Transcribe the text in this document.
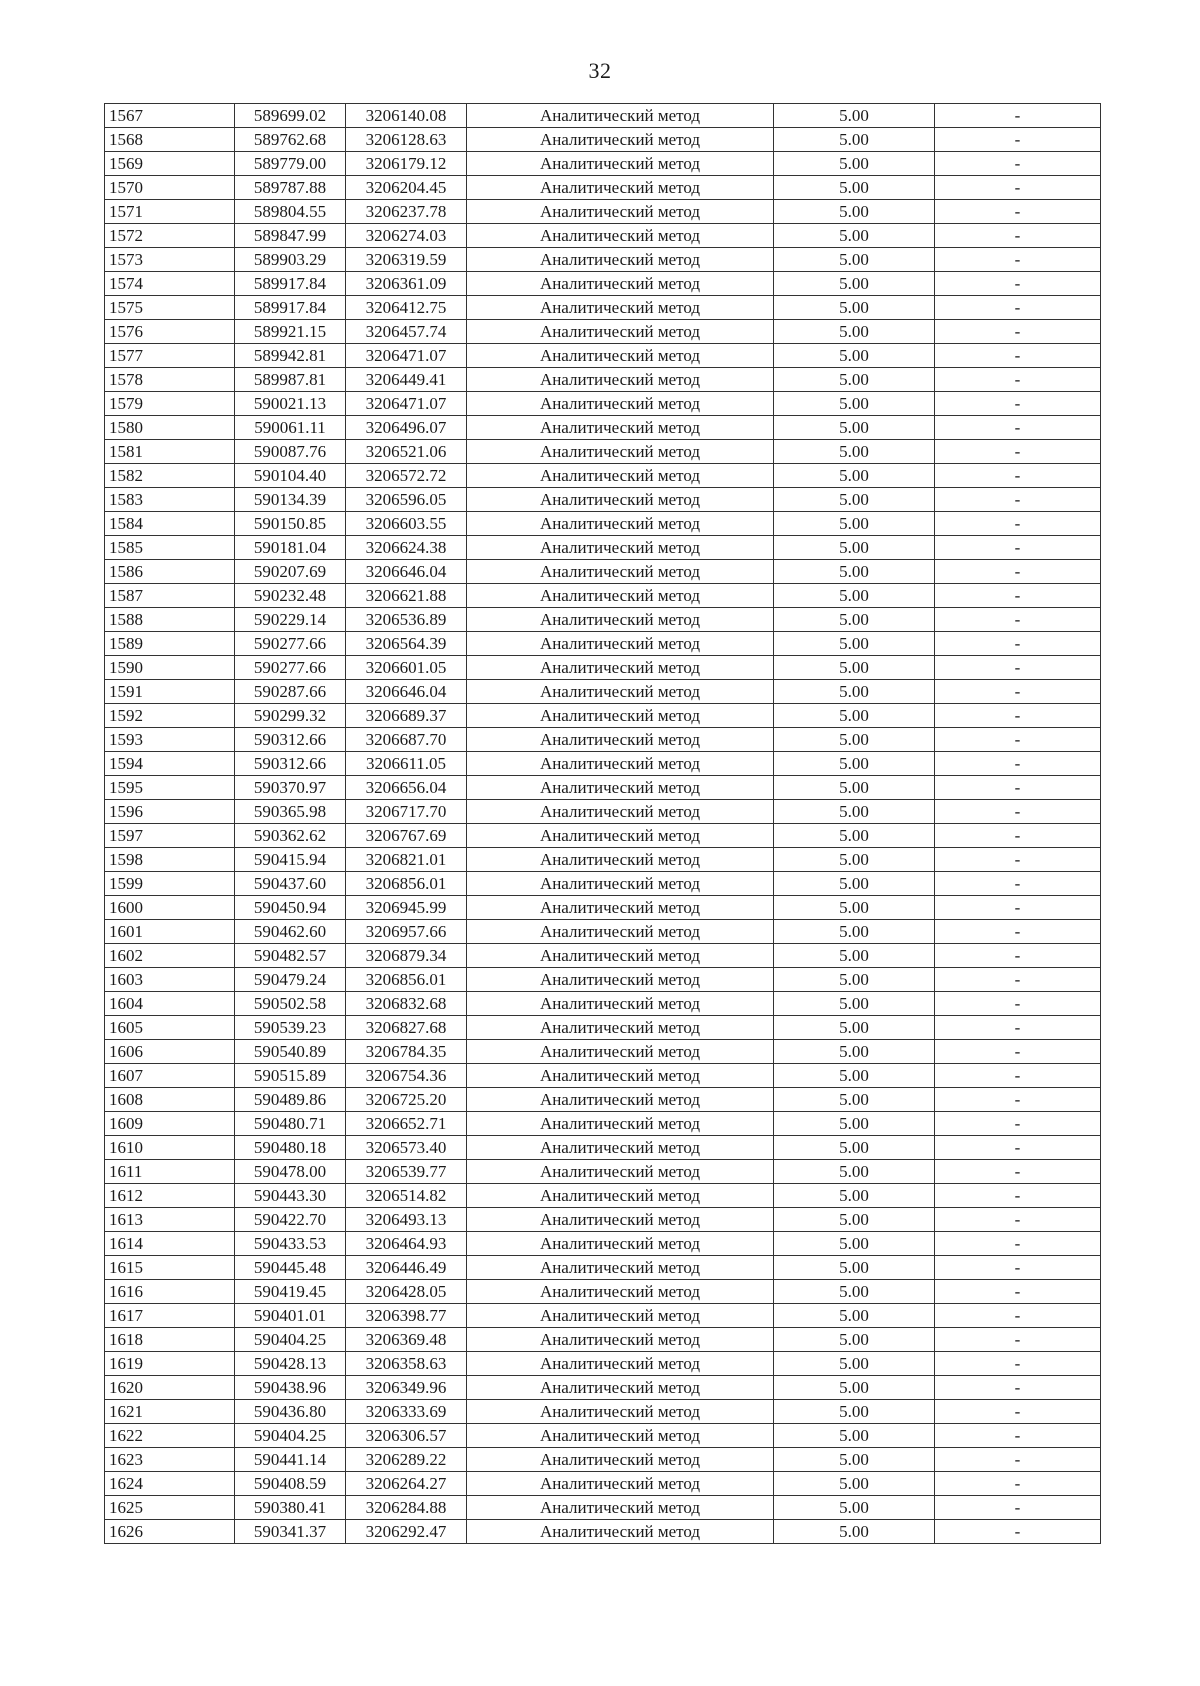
32
1567	589699.02	3206140.08	Аналитический метод	5.00	-
1568	589762.68	3206128.63	Аналитический метод	5.00	-
1569	589779.00	3206179.12	Аналитический метод	5.00	-
1570	589787.88	3206204.45	Аналитический метод	5.00	-
1571	589804.55	3206237.78	Аналитический метод	5.00	-
1572	589847.99	3206274.03	Аналитический метод	5.00	-
1573	589903.29	3206319.59	Аналитический метод	5.00	-
1574	589917.84	3206361.09	Аналитический метод	5.00	-
1575	589917.84	3206412.75	Аналитический метод	5.00	-
1576	589921.15	3206457.74	Аналитический метод	5.00	-
1577	589942.81	3206471.07	Аналитический метод	5.00	-
1578	589987.81	3206449.41	Аналитический метод	5.00	-
1579	590021.13	3206471.07	Аналитический метод	5.00	-
1580	590061.11	3206496.07	Аналитический метод	5.00	-
1581	590087.76	3206521.06	Аналитический метод	5.00	-
1582	590104.40	3206572.72	Аналитический метод	5.00	-
1583	590134.39	3206596.05	Аналитический метод	5.00	-
1584	590150.85	3206603.55	Аналитический метод	5.00	-
1585	590181.04	3206624.38	Аналитический метод	5.00	-
1586	590207.69	3206646.04	Аналитический метод	5.00	-
1587	590232.48	3206621.88	Аналитический метод	5.00	-
1588	590229.14	3206536.89	Аналитический метод	5.00	-
1589	590277.66	3206564.39	Аналитический метод	5.00	-
1590	590277.66	3206601.05	Аналитический метод	5.00	-
1591	590287.66	3206646.04	Аналитический метод	5.00	-
1592	590299.32	3206689.37	Аналитический метод	5.00	-
1593	590312.66	3206687.70	Аналитический метод	5.00	-
1594	590312.66	3206611.05	Аналитический метод	5.00	-
1595	590370.97	3206656.04	Аналитический метод	5.00	-
1596	590365.98	3206717.70	Аналитический метод	5.00	-
1597	590362.62	3206767.69	Аналитический метод	5.00	-
1598	590415.94	3206821.01	Аналитический метод	5.00	-
1599	590437.60	3206856.01	Аналитический метод	5.00	-
1600	590450.94	3206945.99	Аналитический метод	5.00	-
1601	590462.60	3206957.66	Аналитический метод	5.00	-
1602	590482.57	3206879.34	Аналитический метод	5.00	-
1603	590479.24	3206856.01	Аналитический метод	5.00	-
1604	590502.58	3206832.68	Аналитический метод	5.00	-
1605	590539.23	3206827.68	Аналитический метод	5.00	-
1606	590540.89	3206784.35	Аналитический метод	5.00	-
1607	590515.89	3206754.36	Аналитический метод	5.00	-
1608	590489.86	3206725.20	Аналитический метод	5.00	-
1609	590480.71	3206652.71	Аналитический метод	5.00	-
1610	590480.18	3206573.40	Аналитический метод	5.00	-
1611	590478.00	3206539.77	Аналитический метод	5.00	-
1612	590443.30	3206514.82	Аналитический метод	5.00	-
1613	590422.70	3206493.13	Аналитический метод	5.00	-
1614	590433.53	3206464.93	Аналитический метод	5.00	-
1615	590445.48	3206446.49	Аналитический метод	5.00	-
1616	590419.45	3206428.05	Аналитический метод	5.00	-
1617	590401.01	3206398.77	Аналитический метод	5.00	-
1618	590404.25	3206369.48	Аналитический метод	5.00	-
1619	590428.13	3206358.63	Аналитический метод	5.00	-
1620	590438.96	3206349.96	Аналитический метод	5.00	-
1621	590436.80	3206333.69	Аналитический метод	5.00	-
1622	590404.25	3206306.57	Аналитический метод	5.00	-
1623	590441.14	3206289.22	Аналитический метод	5.00	-
1624	590408.59	3206264.27	Аналитический метод	5.00	-
1625	590380.41	3206284.88	Аналитический метод	5.00	-
1626	590341.37	3206292.47	Аналитический метод	5.00	-
